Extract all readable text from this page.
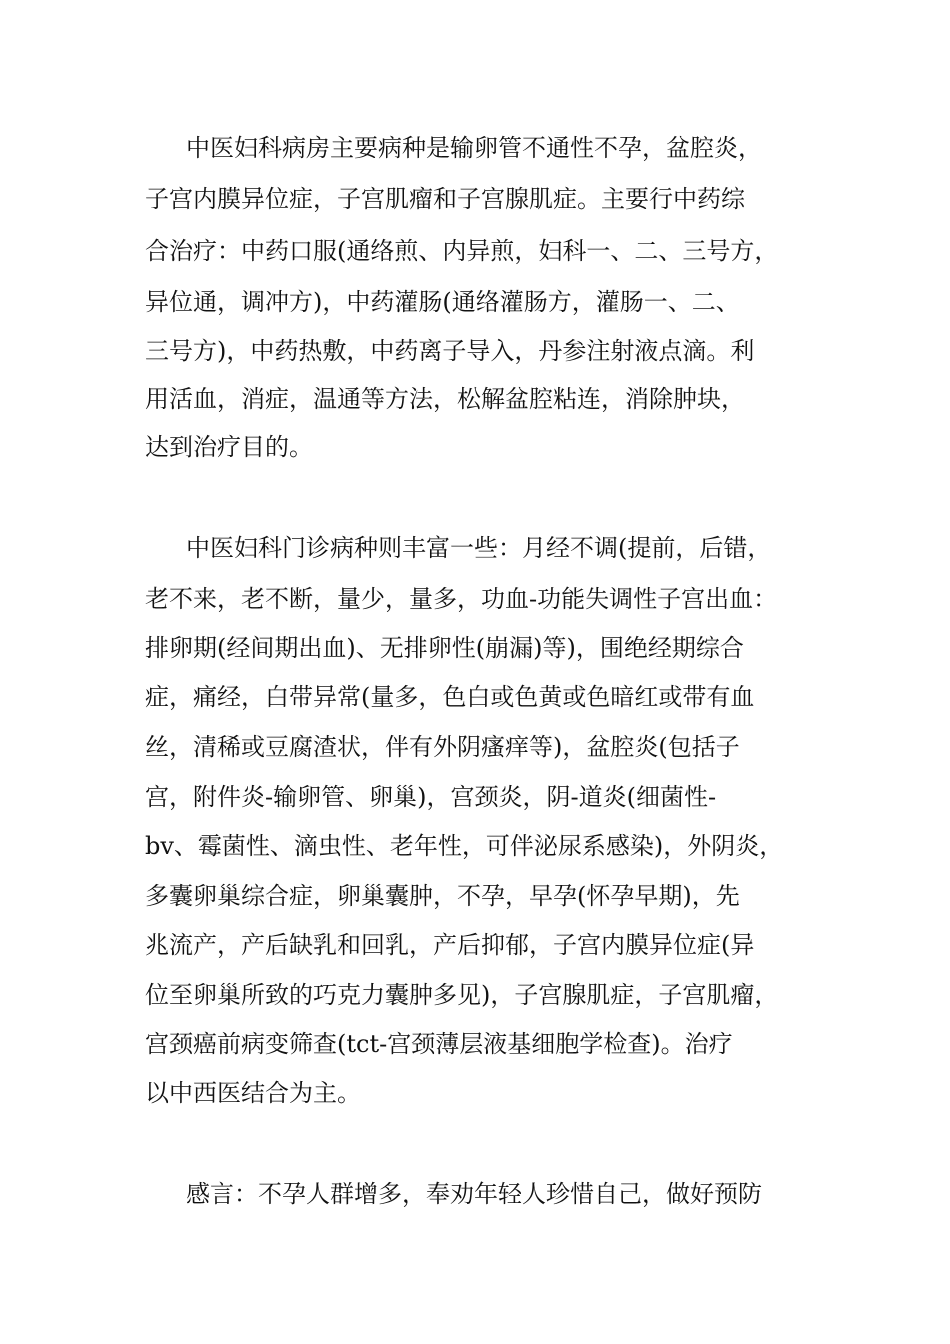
中医妇科病房主要病种是输卵管不通性不孕，盆腔炎，
子宫内膜异位症，子宫肌瘤和子宫腺肌症。主要行中药综
合治疗：中药口服(通络煎、内异煎，妇科一、二、三号方，
异位通，调冲方)，中药灌肠(通络灌肠方，灌肠一、二、
三号方)，中药热敷，中药离子导入，丹参注射液点滴。利
用活血，消症，温通等方法，松解盆腔粘连，消除肿块，
达到治疗目的。
中医妇科门诊病种则丰富一些：月经不调(提前，后错，
老不来，老不断，量少，量多，功血-功能失调性子宫出血：
排卵期(经间期出血)、无排卵性(崩漏)等)，围绝经期综合
症，痛经，白带异常(量多，色白或色黄或色暗红或带有血
丝，清稀或豆腐渣状，伴有外阴瘙痒等)，盆腔炎(包括子
宫，附件炎-输卵管、卵巢)，宫颈炎，阴-道炎(细菌性-
bv、霉菌性、滴虫性、老年性，可伴泌尿系感染)，外阴炎，
多囊卵巢综合症，卵巢囊肿，不孕，早孕(怀孕早期)，先
兆流产，产后缺乳和回乳，产后抑郁，子宫内膜异位症(异
位至卵巢所致的巧克力囊肿多见)，子宫腺肌症，子宫肌瘤，
宫颈癌前病变筛查(tct-宫颈薄层液基细胞学检查)。治疗
以中西医结合为主。
感言：不孕人群增多，奉劝年轻人珍惜自己，做好预防
